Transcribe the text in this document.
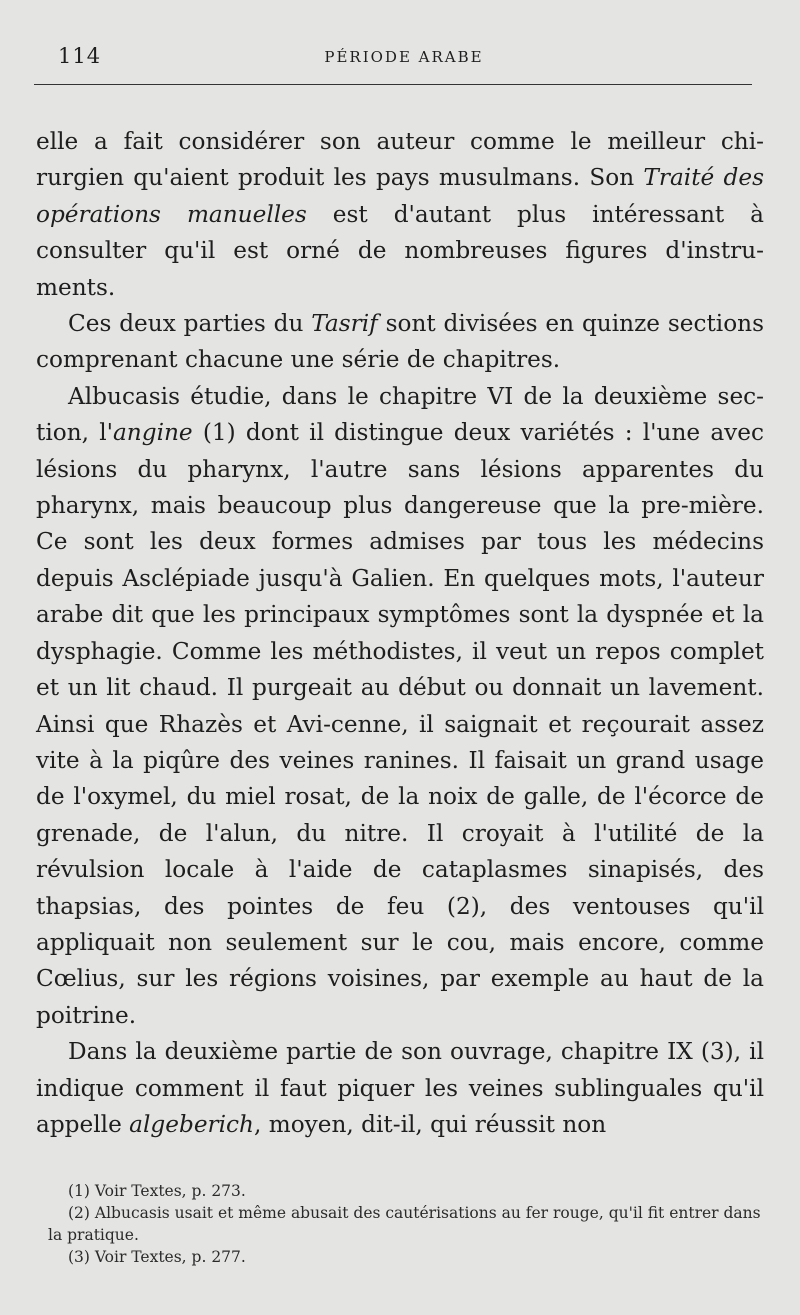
114	PÉRIODE ARABE

elle a fait considérer son auteur comme le meilleur chi-rurgien qu'aient produit les pays musulmans. Son Traité des opérations manuelles est d'autant plus intéressant à consulter qu'il est orné de nombreuses figures d'instru-ments.

Ces deux parties du Tasrif sont divisées en quinze sections comprenant chacune une série de chapitres.

Albucasis étudie, dans le chapitre VI de la deuxième sec-tion, l'angine (1) dont il distingue deux variétés : l'une avec lésions du pharynx, l'autre sans lésions apparentes du pharynx, mais beaucoup plus dangereuse que la pre-mière. Ce sont les deux formes admises par tous les médecins depuis Asclépiade jusqu'à Galien. En quelques mots, l'auteur arabe dit que les principaux symptômes sont la dyspnée et la dysphagie. Comme les méthodistes, il veut un repos complet et un lit chaud. Il purgeait au début ou donnait un lavement. Ainsi que Rhazès et Avi-cenne, il saignait et reçourait assez vite à la piqûre des veines ranines. Il faisait un grand usage de l'oxymel, du miel rosat, de la noix de galle, de l'écorce de grenade, de l'alun, du nitre. Il croyait à l'utilité de la révulsion locale à l'aide de cataplasmes sinapisés, des thapsias, des pointes de feu (2), des ventouses qu'il appliquait non seulement sur le cou, mais encore, comme Cœlius, sur les régions voisines, par exemple au haut de la poitrine.

Dans la deuxième partie de son ouvrage, chapitre IX (3), il indique comment il faut piquer les veines sublinguales qu'il appelle algeberich, moyen, dit-il, qui réussit non

(1) Voir Textes, p. 273.

(2) Albucasis usait et même abusait des cautérisations au fer rouge, qu'il fit entrer dans la pratique.

(3) Voir Textes, p. 277.
